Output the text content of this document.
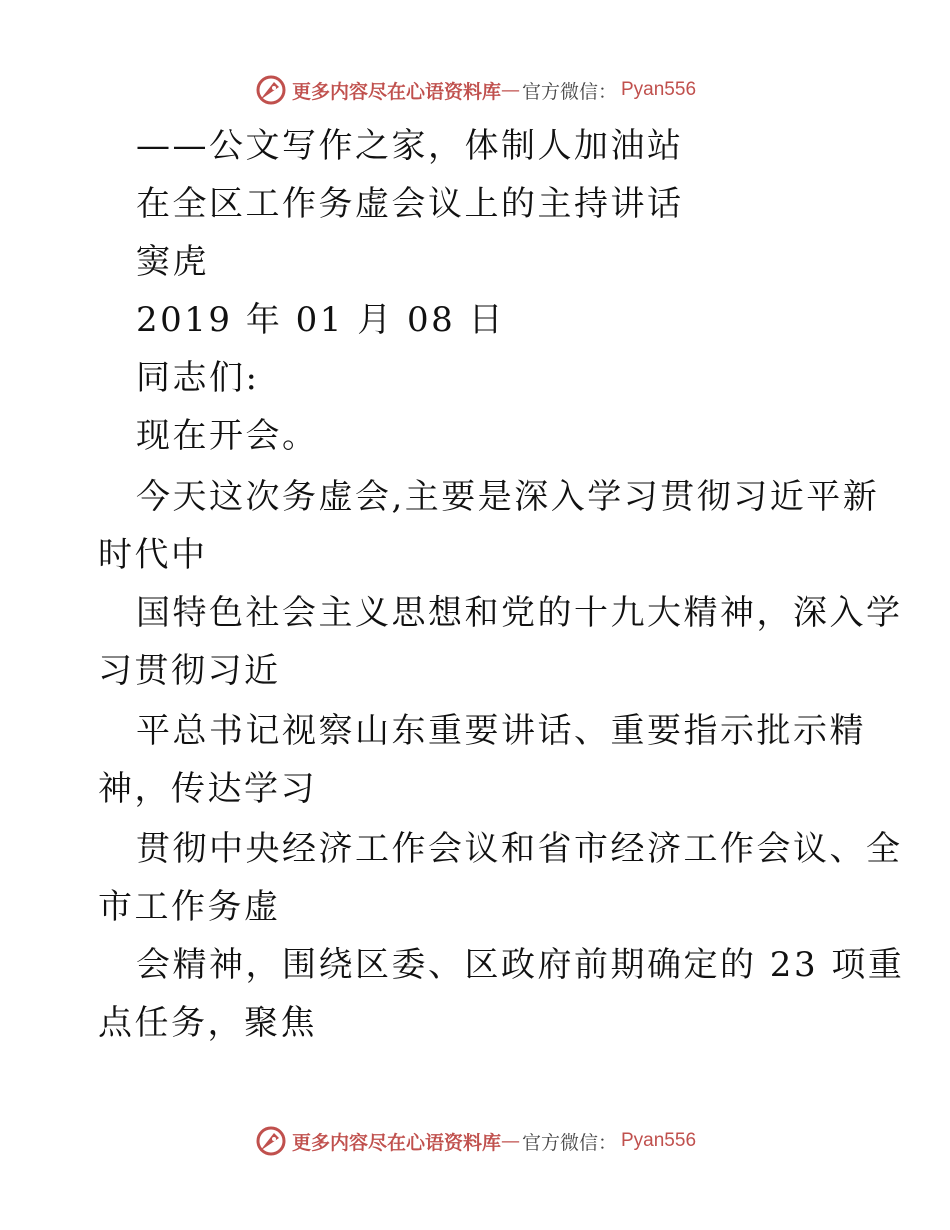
更多内容尽在心语资料库 — 官方微信： Pyan556
——公文写作之家，体制人加油站
在全区工作务虚会议上的主持讲话
窦虎
2019 年 01 月 08 日
同志们:
现在开会。
今天这次务虚会,主要是深入学习贯彻习近平新
时代中
国特色社会主义思想和党的十九大精神，深入学
习贯彻习近
平总书记视察山东重要讲话、重要指示批示精
神，传达学习
贯彻中央经济工作会议和省市经济工作会议、全
市工作务虚
会精神，围绕区委、区政府前期确定的 23 项重
点任务，聚焦
更多内容尽在心语资料库 — 官方微信： Pyan556
